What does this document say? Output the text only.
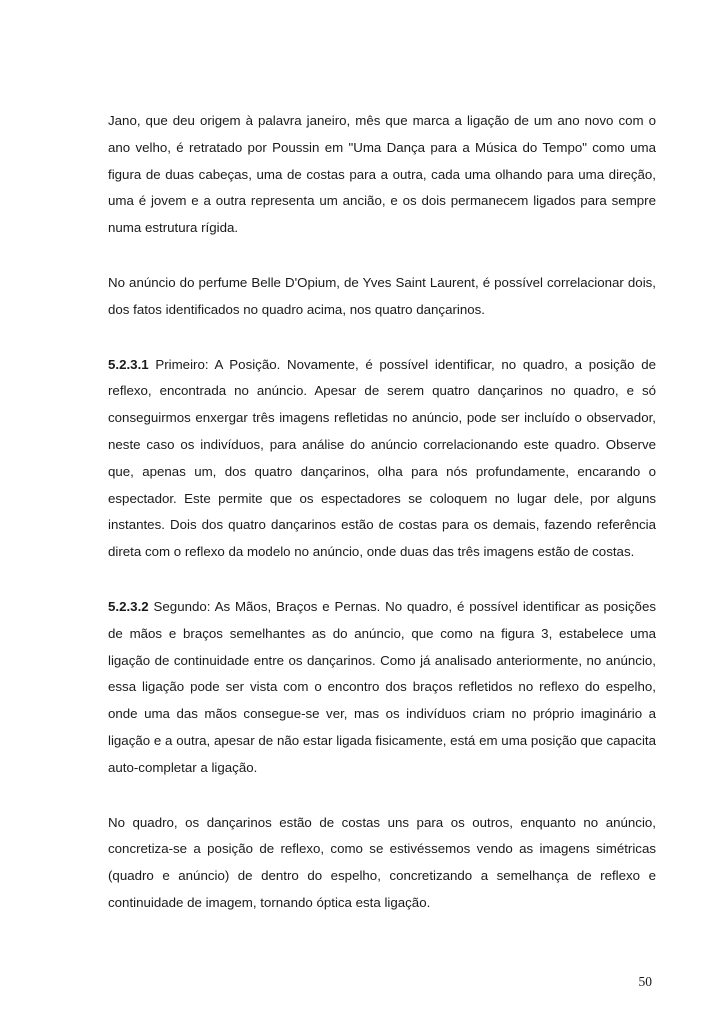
Jano, que deu origem à palavra janeiro, mês que marca a ligação de um ano novo com o ano velho, é retratado por Poussin em "Uma Dança para a Música do Tempo" como uma figura de duas cabeças, uma de costas para a outra, cada uma olhando para uma direção, uma é jovem e a outra representa um ancião, e os dois permanecem ligados para sempre numa estrutura rígida.

No anúncio do perfume Belle D'Opium, de Yves Saint Laurent, é possível correlacionar dois, dos fatos identificados no quadro acima, nos quatro dançarinos.

5.2.3.1 Primeiro: A Posição. Novamente, é possível identificar, no quadro, a posição de reflexo, encontrada no anúncio. Apesar de serem quatro dançarinos no quadro, e só conseguirmos enxergar três imagens refletidas no anúncio, pode ser incluído o observador, neste caso os indivíduos, para análise do anúncio correlacionando este quadro. Observe que, apenas um, dos quatro dançarinos, olha para nós profundamente, encarando o espectador. Este permite que os espectadores se coloquem no lugar dele, por alguns instantes. Dois dos quatro dançarinos estão de costas para os demais, fazendo referência direta com o reflexo da modelo no anúncio, onde duas das três imagens estão de costas.

5.2.3.2 Segundo: As Mãos, Braços e Pernas. No quadro, é possível identificar as posições de mãos e braços semelhantes as do anúncio, que como na figura 3, estabelece uma ligação de continuidade entre os dançarinos. Como já analisado anteriormente, no anúncio, essa ligação pode ser vista com o encontro dos braços refletidos no reflexo do espelho, onde uma das mãos consegue-se ver, mas os indivíduos criam no próprio imaginário a ligação e a outra, apesar de não estar ligada fisicamente, está em uma posição que capacita auto-completar a ligação.

No quadro, os dançarinos estão de costas uns para os outros, enquanto no anúncio, concretiza-se a posição de reflexo, como se estivéssemos vendo as imagens simétricas (quadro e anúncio) de dentro do espelho, concretizando a semelhança de reflexo e continuidade de imagem, tornando óptica esta ligação.

50
